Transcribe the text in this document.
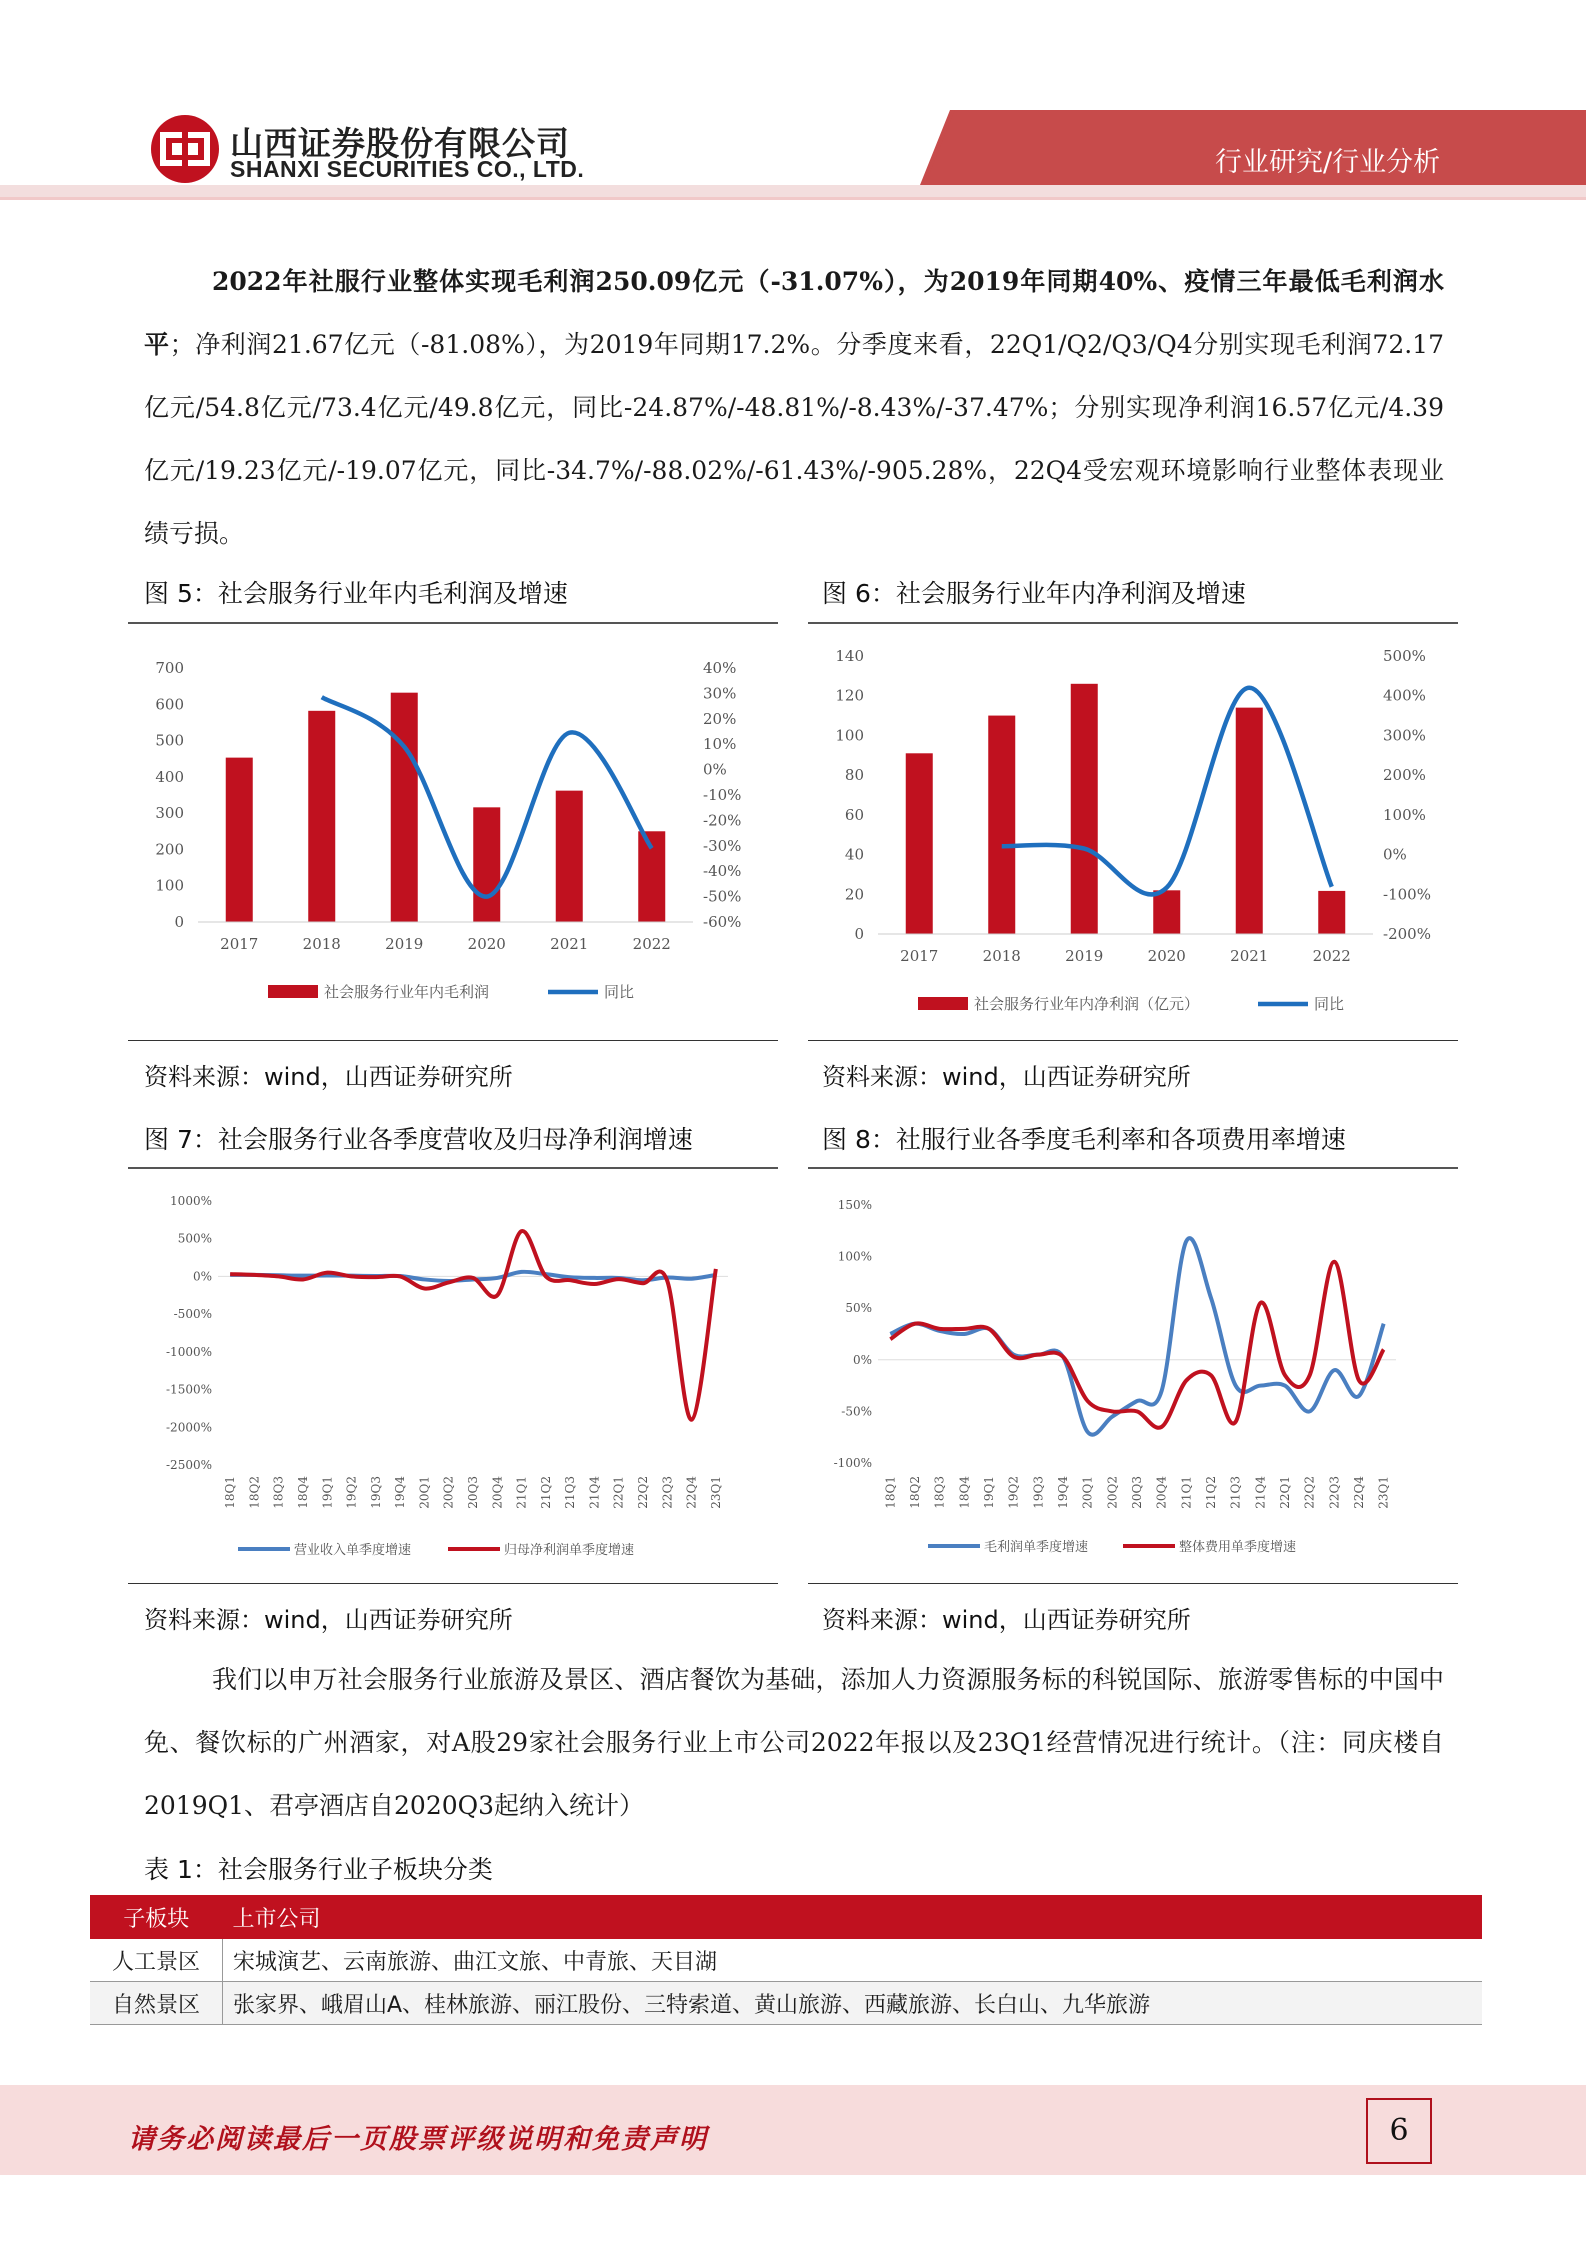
山西证券股份有限公司
SHANXI SECURITIES CO., LTD.	行业研究/行业分析

2022年社服行业整体实现毛利润250.09亿元（-31.07%），为2019年同期40%、疫情三年最低毛利润水平；净利润21.67亿元（-81.08%），为2019年同期17.2%。分季度来看，22Q1/Q2/Q3/Q4分别实现毛利润72.17亿元/54.8亿元/73.4亿元/49.8亿元，同比-24.87%/-48.81%/-8.43%/-37.47%；分别实现净利润16.57亿元/4.39亿元/19.23亿元/-19.07亿元，同比-34.7%/-88.02%/-61.43%/-905.28%，22Q4受宏观环境影响行业整体表现业绩亏损。

图 5：社会服务行业年内毛利润及增速
0
100
200
300
400
500
600
700
-60%
-50%
-40%
-30%
-20%
-10%
0%
10%
20%
30%
40%
2017	2018	2019	2020	2021	2022
社会服务行业年内毛利润	同比
资料来源：wind，山西证券研究所
图 6：社会服务行业年内净利润及增速
0
20
40
60
80
100
120
140
-200%
-100%
0%
100%
200%
300%
400%
500%
2017	2018	2019	2020	2021	2022
社会服务行业年内净利润（亿元）	同比
资料来源：wind，山西证券研究所
图 7：社会服务行业各季度营收及归母净利润增速
-2500%
-2000%
-1500%
-1000%
-500%
0%
500%
1000%
18Q1 18Q2 18Q3 18Q4 19Q1 19Q2 19Q3 19Q4 20Q1 20Q2 20Q3 20Q4 21Q1 21Q2 21Q3 21Q4 22Q1 22Q2 22Q3 22Q4 23Q1
营业收入单季度增速	归母净利润单季度增速
资料来源：wind，山西证券研究所
图 8：社服行业各季度毛利率和各项费用率增速
-100%
-50%
0%
50%
100%
150%
18Q1 18Q2 18Q3 18Q4 19Q1 19Q2 19Q3 19Q4 20Q1 20Q2 20Q3 20Q4 21Q1 21Q2 21Q3 21Q4 22Q1 22Q2 22Q3 22Q4 23Q1
毛利润单季度增速	整体费用单季度增速
资料来源：wind，山西证券研究所

我们以申万社会服务行业旅游及景区、酒店餐饮为基础，添加人力资源服务标的科锐国际、旅游零售标的中国中免、餐饮标的广州酒家，对A股29家社会服务行业上市公司2022年报以及23Q1经营情况进行统计。（注：同庆楼自2019Q1、君亭酒店自2020Q3起纳入统计）

表 1：社会服务行业子板块分类
子板块	上市公司
人工景区	宋城演艺、云南旅游、曲江文旅、中青旅、天目湖
自然景区	张家界、峨眉山A、桂林旅游、丽江股份、三特索道、黄山旅游、西藏旅游、长白山、九华旅游
请务必阅读最后一页股票评级说明和免责声明	6
